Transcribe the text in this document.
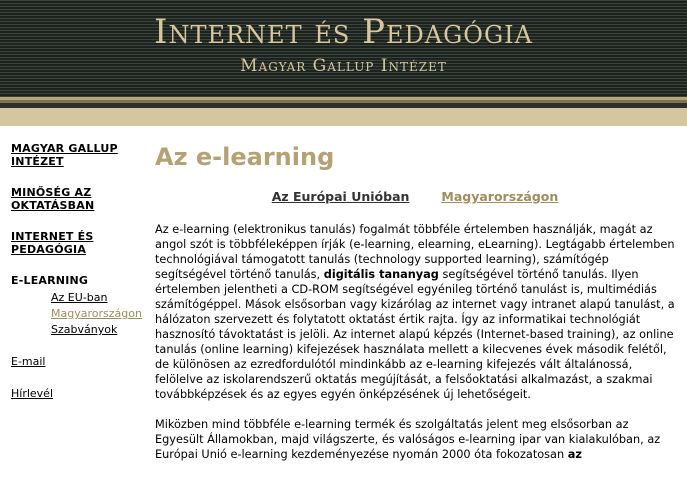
Internet és Pedagógia
Magyar Gallup Intézet
MAGYAR GALLUP
INTÉZET
MINŐSÉG AZ
OKTATÁSBAN
INTERNET ÉS
PEDAGÓGIA
E-LEARNING
Az EU-ban
Magyarországon
Szabványok
E-mail
Hírlevél
Az e-learning
Az Európai Unióban	Magyarországon

Az e-learning (elektronikus tanulás) fogalmát többféle értelemben használják, magát az angol szót is többféleképpen írják (e-learning, elearning, eLearning). Legtágabb értelemben technológiával támogatott tanulás (technology supported learning), számítógép segítségével történő tanulás, digitális tananyag segítségével történő tanulás. Ilyen értelemben jelentheti a CD-ROM segítségével egyénileg történő tanulást is, multimédiás számítógéppel. Mások elsősorban vagy kizárólag az internet vagy intranet alapú tanulást, a hálózaton szervezett és folytatott oktatást értik rajta. Így az informatikai technológiát hasznosító távoktatást is jelöli. Az internet alapú képzés (Internet-based training), az online tanulás (online learning) kifejezések használata mellett a kilecvenes évek második felétől, de különösen az ezredfordulótól mindinkább az e-learning kifejezés vált általánossá, felölelve az iskolarendszerű oktatás megújítását, a felsőoktatási alkalmazást, a szakmai továbbképzések és az egyes egyén önképzésének új lehetőségeit.

Miközben mind többféle e-learning termék és szolgáltatás jelent meg elsősorban az Egyesült Államokban, majd világszerte, és valóságos e-learning ipar van kialakulóban, az Európai Unió e-learning kezdeményezése nyomán 2000 óta fokozatosan az
